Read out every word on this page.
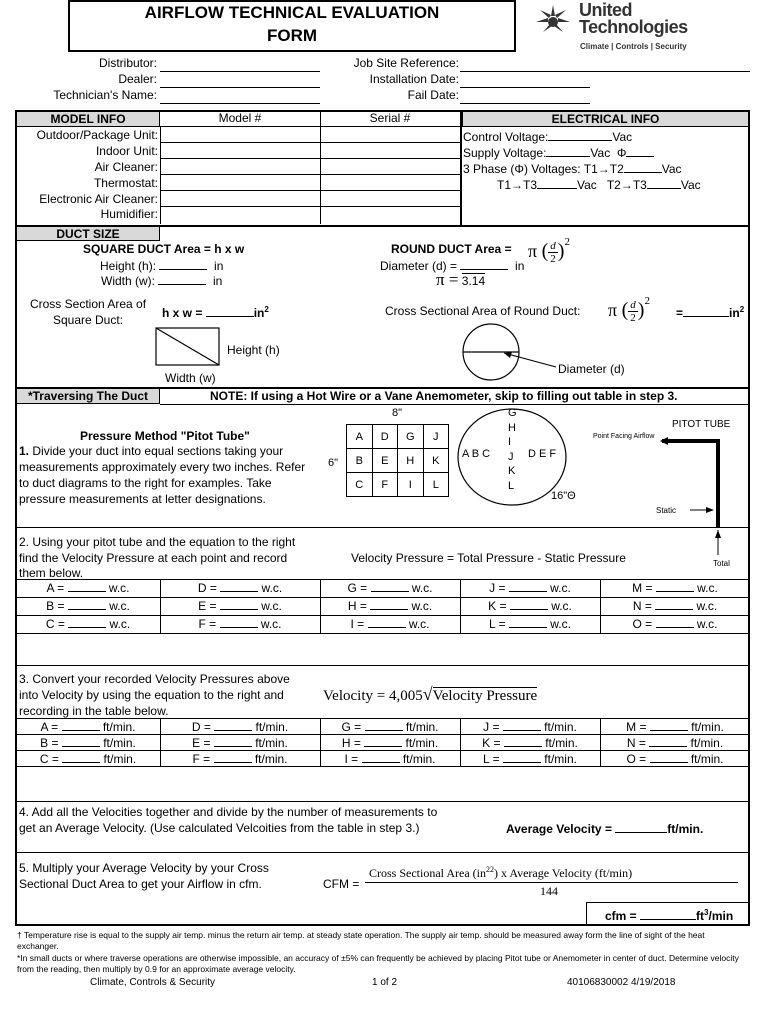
AIRFLOW TECHNICAL EVALUATION
FORM
United
Technologies
Climate | Controls | Security
Distributor:
Dealer:
Technician's Name:
Job Site Reference:
Installation Date:
Fail Date:
MODEL INFO	Model #	Serial #
Outdoor/Package Unit:
Indoor Unit:
Air Cleaner:
Thermostat:
Electronic Air Cleaner:
Humidifier:
ELECTRICAL INFO
Control Voltage:	Vac
Supply Voltage:	Vac Φ
3 Phase (Φ) Voltages: T1→T2	Vac
T1→T3	Vac T2→T3	Vac
DUCT SIZE
SQUARE DUCT Area = h x w
Height (h):	in
Width (w):	in
Cross Section Area of
Square Duct:	h x w =	$in^2$
Height (h)
Width (w)
ROUND DUCT Area = π $(\frac{d}{2})^2$
Diameter (d) =	in
π = 3.14
Cross Sectional Area of Round Duct: π $(\frac{d}{2})^2$
=	$in^2$
Diameter (d)
*Traversing The Duct	NOTE: If using a Hot Wire or a Vane Anemometer, skip to filling out table in step 3.
Pressure Method "Pitot Tube"
1. Divide your duct into equal sections taking your
measurements approximately every two inches. Refer
to duct diagrams to the right for examples. Take
pressure measurements at letter designations.
8"
6"
A	D	G	J
B	E	H	K
C	F	I	L
G
H
I
J
K
L
A B C	D E F
16"Θ
PITOT TUBE
Point Facing Airflow
Static
Total
2. Using your pitot tube and the equation to the right
find the Velocity Pressure at each point and record
them below.
Velocity Pressure = Total Pressure - Static Pressure
A =	w.c.	D =	w.c.	G =	w.c.	J =	w.c.	M =	w.c.
B =	w.c.	E =	w.c.	H =	w.c.	K =	w.c.	N =	w.c.
C =	w.c.	F =	w.c.	I =	w.c.	L =	w.c.	O =	w.c.
3. Convert your recorded Velocity Pressures above
into Velocity by using the equation to the right and
recording in the table below.
Velocity = 4,005√Velocity Pressure
A =	ft/min.	D =	ft/min.	G =	ft/min.	J =	ft/min.	M =	ft/min.
B =	ft/min.	E =	ft/min.	H =	ft/min.	K =	ft/min.	N =	ft/min.
C =	ft/min.	F =	ft/min.	I =	ft/min.	L =	ft/min.	O =	ft/min.
4. Add all the Velocities together and divide by the number of measurements to
get an Average Velocity. (Use calculated Velcoities from the table in step 3.)	Average Velocity =	ft/min.
5. Multiply your Average Velocity by your Cross
Sectional Duct Area to get your Airflow in cfm.	CFM =
Cross Sectional Area $(in^{22})$ x Average Velocity (ft/min)
144
cfm =	$ft^3/\min$
† Temperature rise is equal to the supply air temp. minus the return air temp. at steady state operation. The supply air temp. should be measured away form the line of sight of the heat exchanger.
*In small ducts or where traverse operations are otherwise impossible, an accuracy of ±5% can frequently be achieved by placing Pitot tube or Anemometer in center of duct. Determine velocity from the reading, then multiply by 0.9 for an approximate average velocity.
Climate, Controls & Security	1 of 2	40106830002 4/19/2018
